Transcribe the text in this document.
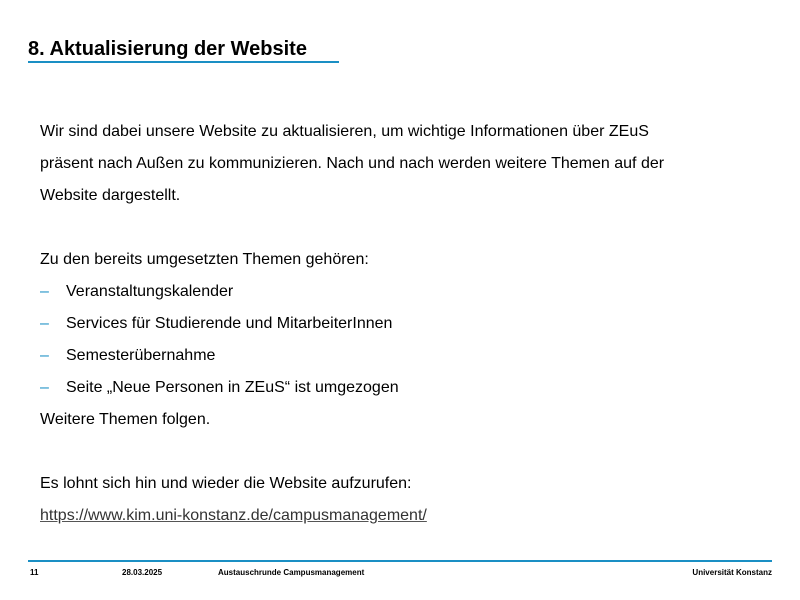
8. Aktualisierung der Website

Wir sind dabei unsere Website zu aktualisieren, um wichtige Informationen über ZEuS

präsent nach Außen zu kommunizieren. Nach und nach werden weitere Themen auf der

Website dargestellt.

Zu den bereits umgesetzten Themen gehören:

–	Veranstaltungskalender
–	Services für Studierende und MitarbeiterInnen
–	Semesterübernahme
–	Seite „Neue Personen in ZEuS“ ist umgezogen

Weitere Themen folgen.

Es lohnt sich hin und wieder die Website aufzurufen:

https://www.kim.uni-konstanz.de/campusmanagement/

11	28.03.2025	Austauschrunde Campusmanagement	Universität Konstanz
